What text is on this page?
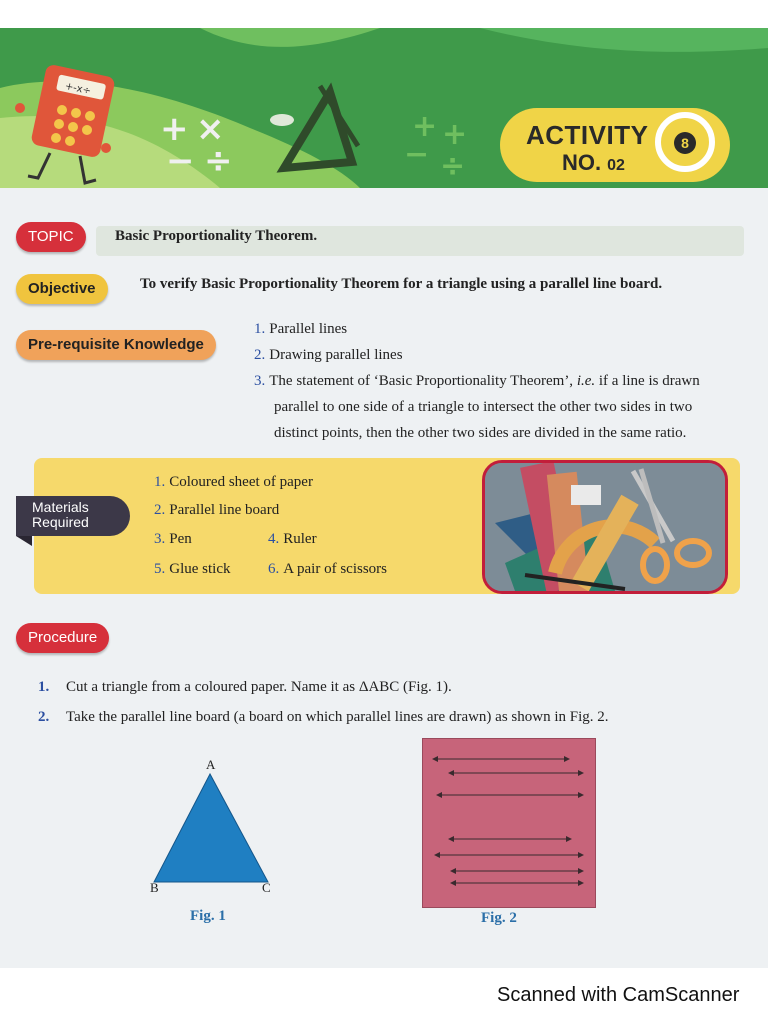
+-x÷
+ ×
− ÷
+ +
− ÷
ACTIVITY
NO. 02
8
TOPIC	Basic Proportionality Theorem.
Objective	To verify Basic Proportionality Theorem for a triangle using a parallel line board.
Pre-requisite Knowledge
1. Parallel lines
2. Drawing parallel lines
3. The statement of ‘Basic Proportionality Theorem’, i.e. if a line is drawn
parallel to one side of a triangle to intersect the other two sides in two
distinct points, then the other two sides are divided in the same ratio.
Materials
Required
1. Coloured sheet of paper
2. Parallel line board
3. Pen	4. Ruler
5. Glue stick	6. A pair of scissors
Procedure
1. Cut a triangle from a coloured paper. Name it as ΔABC (Fig. 1).
2. Take the parallel line board (a board on which parallel lines are drawn) as shown in Fig. 2.
A
B	C
Fig. 1	Fig. 2
Scanned with CamScanner
